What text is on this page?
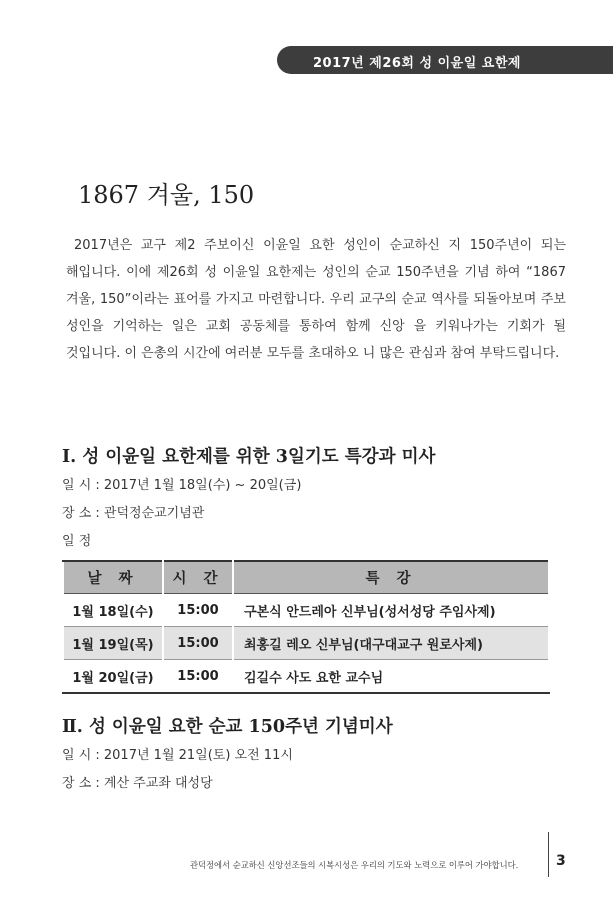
2017년 제26회 성 이윤일 요한제
1867 겨울, 150
2017년은 교구 제2 주보이신 이윤일 요한 성인이 순교하신 지 150주년이 되는 해입니다. 이에 제26회 성 이윤일 요한제는 성인의 순교 150주년을 기념 하여 “1867 겨울, 150”이라는 표어를 가지고 마련합니다. 우리 교구의 순교 역사를 되돌아보며 주보 성인을 기억하는 일은 교회 공동체를 통하여 함께 신앙 을 키워나가는 기회가 될 것입니다. 이 은총의 시간에 여러분 모두를 초대하오 니 많은 관심과 참여 부탁드립니다.
Ⅰ. 성 이윤일 요한제를 위한 3일기도 특강과 미사
일 시 : 2017년 1월 18일(수) ~ 20일(금)
장 소 : 관덕정순교기념관
일 정
날 짜	시 간	특 강
1월 18일(수)	15:00	구본식 안드레아 신부님(성서성당 주임사제)
1월 19일(목)	15:00	최홍길 레오 신부님(대구대교구 원로사제)
1월 20일(금)	15:00	김길수 사도 요한 교수님
Ⅱ. 성 이윤일 요한 순교 150주년 기념미사
일 시 : 2017년 1월 21일(토) 오전 11시
장 소 : 계산 주교좌 대성당
관덕정에서 순교하신 신앙선조들의 시복시성은 우리의 기도와 노력으로 이루어 가야합니다.	3
